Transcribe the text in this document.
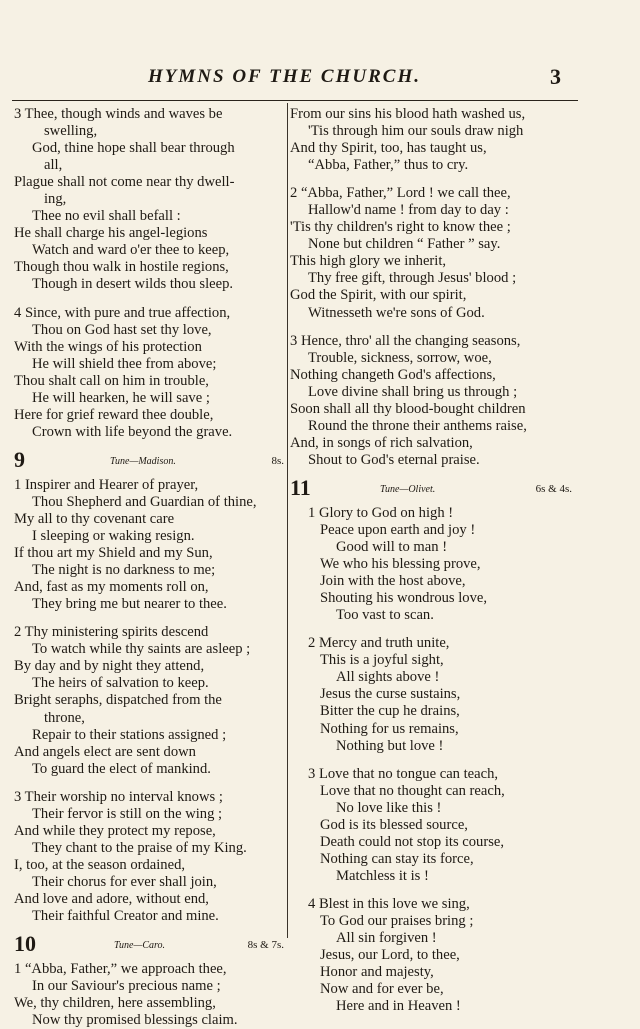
HYMNS OF THE CHURCH.	3
3 Thee, though winds and waves be
swelling,
God, thine hope shall bear through
all,
Plague shall not come near thy dwell-
ing,
Thee no evil shall befall :
He shall charge his angel-legions
Watch and ward o'er thee to keep,
Though thou walk in hostile regions,
Though in desert wilds thou sleep.
4 Since, with pure and true affection,
Thou on God hast set thy love,
With the wings of his protection
He will shield thee from above;
Thou shalt call on him in trouble,
He will hearken, he will save ;
Here for grief reward thee double,
Crown with life beyond the grave.
9	Tune—Madison.	8s.
1 Inspirer and Hearer of prayer,
Thou Shepherd and Guardian of thine,
My all to thy covenant care
I sleeping or waking resign.
If thou art my Shield and my Sun,
The night is no darkness to me;
And, fast as my moments roll on,
They bring me but nearer to thee.
2 Thy ministering spirits descend
To watch while thy saints are asleep ;
By day and by night they attend,
The heirs of salvation to keep.
Bright seraphs, dispatched from the
throne,
Repair to their stations assigned ;
And angels elect are sent down
To guard the elect of mankind.
3 Their worship no interval knows ;
Their fervor is still on the wing ;
And while they protect my repose,
They chant to the praise of my King.
I, too, at the season ordained,
Their chorus for ever shall join,
And love and adore, without end,
Their faithful Creator and mine.
10	Tune—Caro.	8s & 7s.
1 “Abba, Father,” we approach thee,
In our Saviour's precious name ;
We, thy children, here assembling,
Now thy promised blessings claim.
From our sins his blood hath washed us,
'Tis through him our souls draw nigh
And thy Spirit, too, has taught us,
“Abba, Father,” thus to cry.
2 “Abba, Father,” Lord ! we call thee,
Hallow'd name ! from day to day :
'Tis thy children's right to know thee ;
None but children “ Father ” say.
This high glory we inherit,
Thy free gift, through Jesus' blood ;
God the Spirit, with our spirit,
Witnesseth we're sons of God.
3 Hence, thro' all the changing seasons,
Trouble, sickness, sorrow, woe,
Nothing changeth God's affections,
Love divine shall bring us through ;
Soon shall all thy blood-bought children
Round the throne their anthems raise,
And, in songs of rich salvation,
Shout to God's eternal praise.
11	Tune—Olivet.	6s & 4s.
1 Glory to God on high !
Peace upon earth and joy !
Good will to man !
We who his blessing prove,
Join with the host above,
Shouting his wondrous love,
Too vast to scan.
2 Mercy and truth unite,
This is a joyful sight,
All sights above !
Jesus the curse sustains,
Bitter the cup he drains,
Nothing for us remains,
Nothing but love !
3 Love that no tongue can teach,
Love that no thought can reach,
No love like this !
God is its blessed source,
Death could not stop its course,
Nothing can stay its force,
Matchless it is !
4 Blest in this love we sing,
To God our praises bring ;
All sin forgiven !
Jesus, our Lord, to thee,
Honor and majesty,
Now and for ever be,
Here and in Heaven !
